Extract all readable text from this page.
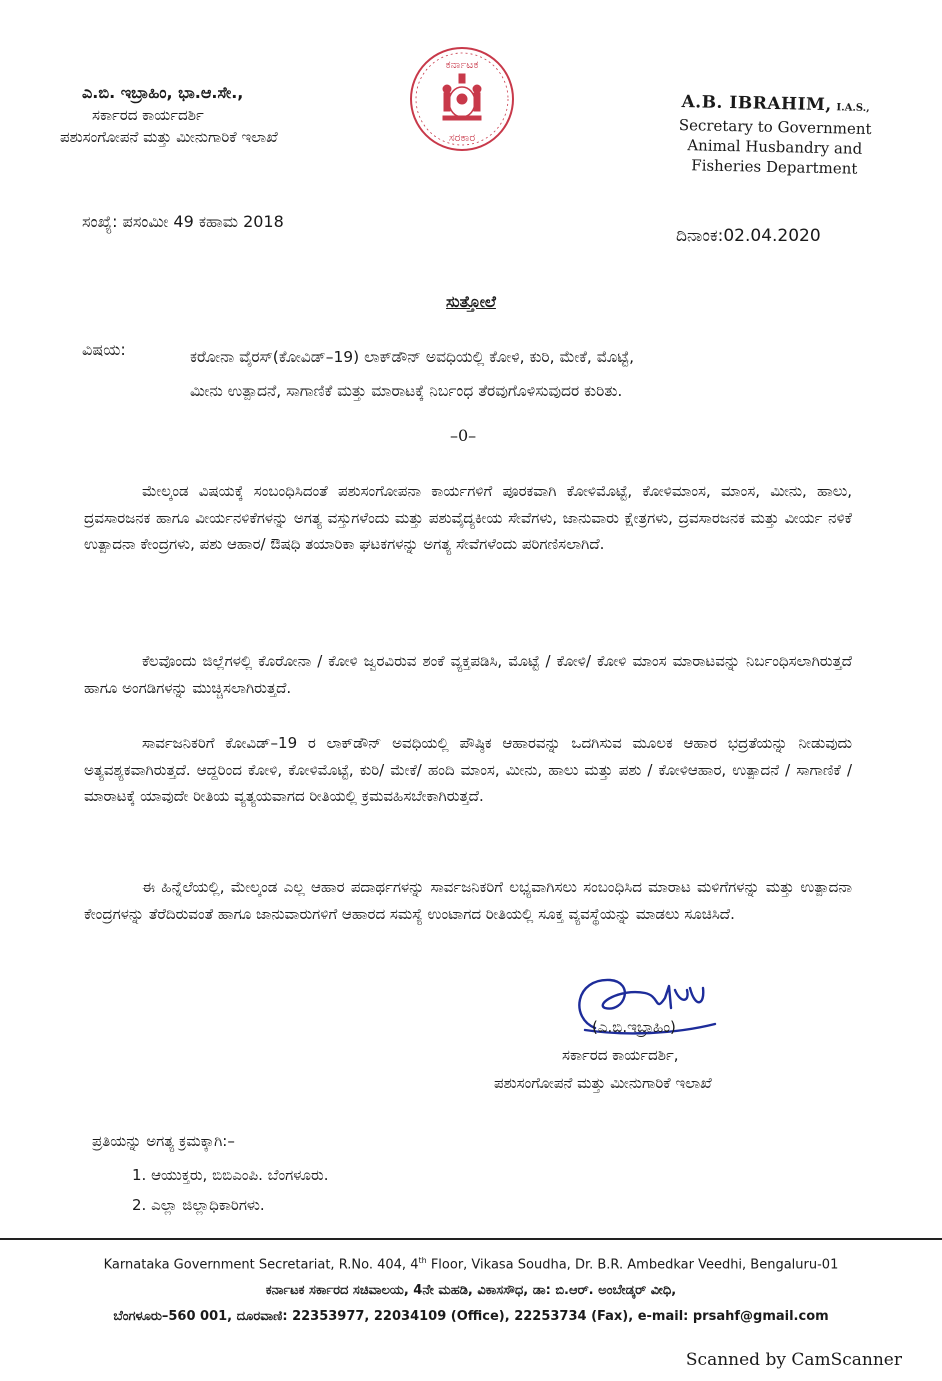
ಎ.ಬಿ. ಇಬ್ರಾಹಿಂ, ಭಾ.ಆ.ಸೇ.,
ಸರ್ಕಾರದ ಕಾರ್ಯದರ್ಶಿ
ಪಶುಸಂಗೋಪನೆ ಮತ್ತು ಮೀನುಗಾರಿಕೆ ಇಲಾಖೆ
ಕರ್ನಾಟಕ
ಸರಕಾರ
A.B. IBRAHIM, I.A.S.,
Secretary to Government
Animal Husbandry and
Fisheries Department
ಸಂಖ್ಯೆ: ಪಸಂಮೀ 49 ಕಹಾಮ 2018
ದಿನಾಂಕ:02.04.2020
ಸುತ್ತೋಲೆ
ವಿಷಯ:	ಕರೋನಾ ವೈರಸ್(ಕೋವಿಡ್–19) ಲಾಕ್‌ಡೌನ್ ಅವಧಿಯಲ್ಲಿ ಕೋಳಿ, ಕುರಿ, ಮೇಕೆ, ಮೊಟ್ಟೆ,
ಮೀನು ಉತ್ಪಾದನೆ, ಸಾಗಾಣಿಕೆ ಮತ್ತು ಮಾರಾಟಕ್ಕೆ ನಿರ್ಬಂಧ ತೆರವುಗೊಳಿಸುವುದರ ಕುರಿತು.
–0–
ಮೇಲ್ಕಂಡ ವಿಷಯಕ್ಕೆ ಸಂಬಂಧಿಸಿದಂತೆ ಪಶುಸಂಗೋಪನಾ ಕಾರ್ಯಗಳಿಗೆ ಪೂರಕವಾಗಿ ಕೋಳಿಮೊಟ್ಟೆ, ಕೋಳಿಮಾಂಸ, ಮಾಂಸ, ಮೀನು, ಹಾಲು, ದ್ರವಸಾರಜನಕ ಹಾಗೂ ವೀರ್ಯನಳಿಕೆಗಳನ್ನು ಅಗತ್ಯ ವಸ್ತುಗಳೆಂದು ಮತ್ತು ಪಶುವೈದ್ಯಕೀಯ ಸೇವೆಗಳು, ಜಾನುವಾರು ಕ್ಷೇತ್ರಗಳು, ದ್ರವಸಾರಜನಕ ಮತ್ತು ವೀರ್ಯ ನಳಿಕೆ ಉತ್ಪಾದನಾ ಕೇಂದ್ರಗಳು, ಪಶು ಆಹಾರ/ ಔಷಧಿ ತಯಾರಿಕಾ ಘಟಕಗಳನ್ನು ಅಗತ್ಯ ಸೇವೆಗಳೆಂದು ಪರಿಗಣಿಸಲಾಗಿದೆ.
ಕೆಲವೊಂದು ಜಿಲ್ಲೆಗಳಲ್ಲಿ ಕೊರೋನಾ / ಕೋಳಿ ಜ್ವರವಿರುವ ಶಂಕೆ ವ್ಯಕ್ತಪಡಿಸಿ, ಮೊಟ್ಟೆ / ಕೋಳಿ/ ಕೋಳಿ ಮಾಂಸ ಮಾರಾಟವನ್ನು ನಿರ್ಬಂಧಿಸಲಾಗಿರುತ್ತದೆ ಹಾಗೂ ಅಂಗಡಿಗಳನ್ನು ಮುಚ್ಚಿಸಲಾಗಿರುತ್ತದೆ.
ಸಾರ್ವಜನಿಕರಿಗೆ ಕೋವಿಡ್–19 ರ ಲಾಕ್‌ಡೌನ್ ಅವಧಿಯಲ್ಲಿ ಪೌಷ್ಠಿಕ ಆಹಾರವನ್ನು ಒದಗಿಸುವ ಮೂಲಕ ಆಹಾರ ಭದ್ರತೆಯನ್ನು ನೀಡುವುದು ಅತ್ಯವಶ್ಯಕವಾಗಿರುತ್ತದೆ. ಆದ್ದರಿಂದ ಕೋಳಿ, ಕೋಳಿಮೊಟ್ಟೆ, ಕುರಿ/ ಮೇಕೆ/ ಹಂದಿ ಮಾಂಸ, ಮೀನು, ಹಾಲು ಮತ್ತು ಪಶು / ಕೋಳಿಆಹಾರ, ಉತ್ಪಾದನೆ / ಸಾಗಾಣಿಕೆ / ಮಾರಾಟಕ್ಕೆ ಯಾವುದೇ ರೀತಿಯ ವ್ಯತ್ಯಯವಾಗದ ರೀತಿಯಲ್ಲಿ ಕ್ರಮವಹಿಸಬೇಕಾಗಿರುತ್ತದೆ.
ಈ ಹಿನ್ನೆಲೆಯಲ್ಲಿ, ಮೇಲ್ಕಂಡ ಎಲ್ಲ ಆಹಾರ ಪದಾರ್ಥಗಳನ್ನು ಸಾರ್ವಜನಿಕರಿಗೆ ಲಭ್ಯವಾಗಿಸಲು ಸಂಬಂಧಿಸಿದ ಮಾರಾಟ ಮಳಿಗೆಗಳನ್ನು ಮತ್ತು ಉತ್ಪಾದನಾ ಕೇಂದ್ರಗಳನ್ನು ತೆರೆದಿರುವಂತೆ ಹಾಗೂ ಜಾನುವಾರುಗಳಿಗೆ ಆಹಾರದ ಸಮಸ್ಯೆ ಉಂಟಾಗದ ರೀತಿಯಲ್ಲಿ ಸೂಕ್ತ ವ್ಯವಸ್ಥೆಯನ್ನು ಮಾಡಲು ಸೂಚಿಸಿದೆ.
(ಎ.ಬಿ.ಇಬ್ರಾಹಿಂ)
ಸರ್ಕಾರದ ಕಾರ್ಯದರ್ಶಿ,
ಪಶುಸಂಗೋಪನೆ ಮತ್ತು ಮೀನುಗಾರಿಕೆ ಇಲಾಖೆ
ಪ್ರತಿಯನ್ನು ಅಗತ್ಯ ಕ್ರಮಕ್ಕಾಗಿ:–
1. ಆಯುಕ್ತರು, ಬಿಬಿಎಂಪಿ. ಬೆಂಗಳೂರು.
2. ಎಲ್ಲಾ ಜಿಲ್ಲಾಧಿಕಾರಿಗಳು.
Karnataka Government Secretariat, R.No. 404, 4th Floor, Vikasa Soudha, Dr. B.R. Ambedkar Veedhi, Bengaluru-01
ಕರ್ನಾಟಕ ಸರ್ಕಾರದ ಸಚಿವಾಲಯ, 4ನೇ ಮಹಡಿ, ವಿಕಾಸಸೌಧ, ಡಾ: ಬಿ.ಆರ್. ಅಂಬೇಡ್ಕರ್ ವೀಧಿ,
ಬೆಂಗಳೂರು–560 001, ದೂರವಾಣಿ: 22353977, 22034109 (Office), 22253734 (Fax), e-mail: prsahf@gmail.com
Scanned by CamScanner
